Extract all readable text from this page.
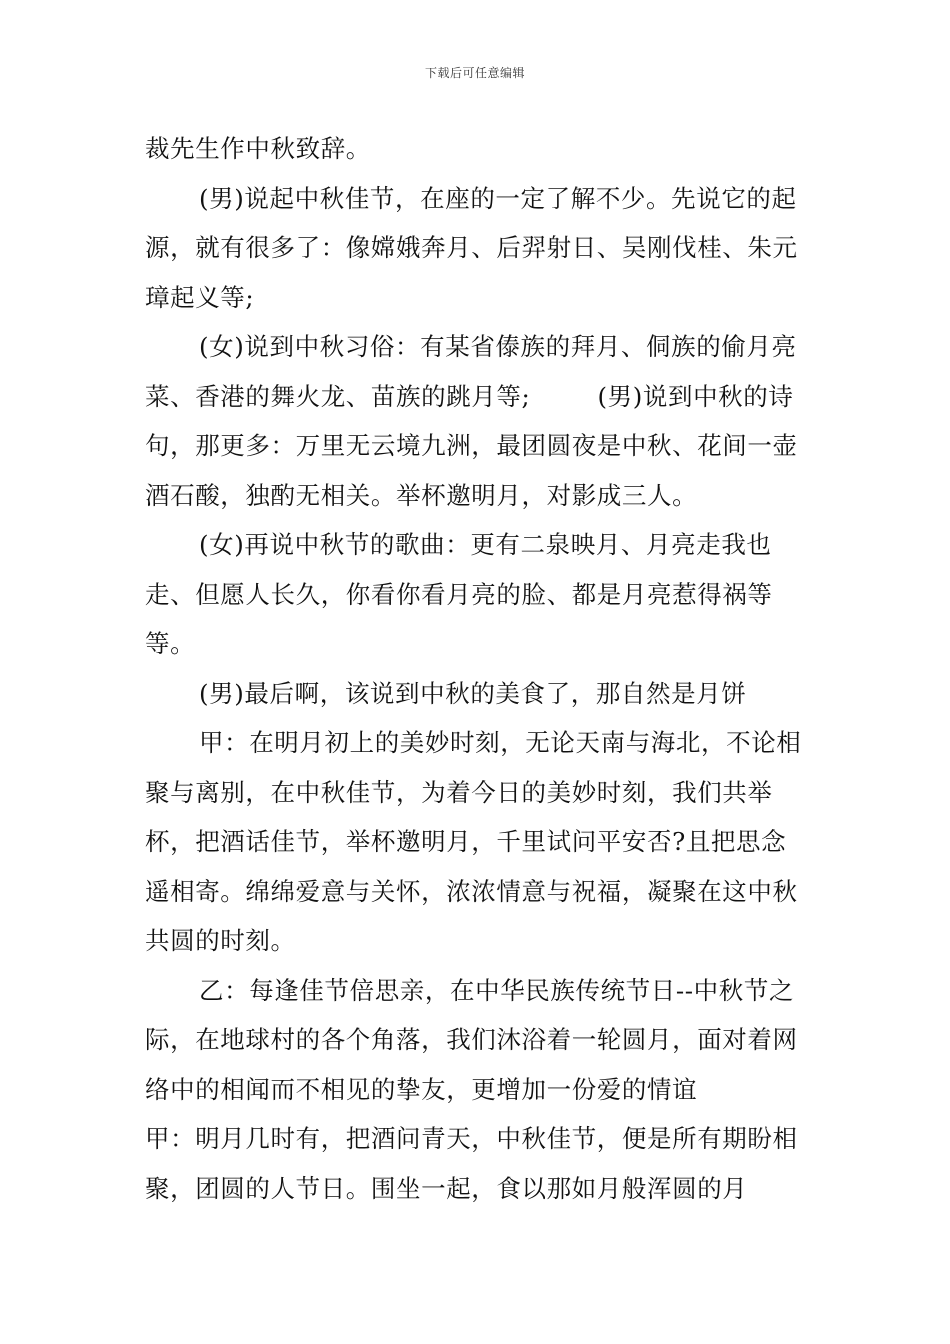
下载后可任意编辑

裁先生作中秋致辞。

(男)说起中秋佳节，在座的一定了解不少。先说它的起源，就有很多了：像嫦娥奔月、后羿射日、吴刚伐桂、朱元璋起义等;

(女)说到中秋习俗：有某省傣族的拜月、侗族的偷月亮菜、香港的舞火龙、苗族的跳月等;        (男)说到中秋的诗句，那更多：万里无云境九洲，最团圆夜是中秋、花间一壶酒石酸，独酌无相关。举杯邀明月，对影成三人。

(女)再说中秋节的歌曲：更有二泉映月、月亮走我也走、但愿人长久，你看你看月亮的脸、都是月亮惹得祸等等。

(男)最后啊，该说到中秋的美食了，那自然是月饼

甲：在明月初上的美妙时刻，无论天南与海北，不论相聚与离别，在中秋佳节，为着今日的美妙时刻，我们共举杯，把酒话佳节，举杯邀明月，千里试问平安否?且把思念遥相寄。绵绵爱意与关怀，浓浓情意与祝福，凝聚在这中秋共圆的时刻。

乙：每逢佳节倍思亲，在中华民族传统节日--中秋节之际，在地球村的各个角落，我们沐浴着一轮圆月，面对着网络中的相闻而不相见的挚友，更增加一份爱的情谊

甲：明月几时有，把酒问青天，中秋佳节，便是所有期盼相聚，团圆的人节日。围坐一起，食以那如月般浑圆的月
